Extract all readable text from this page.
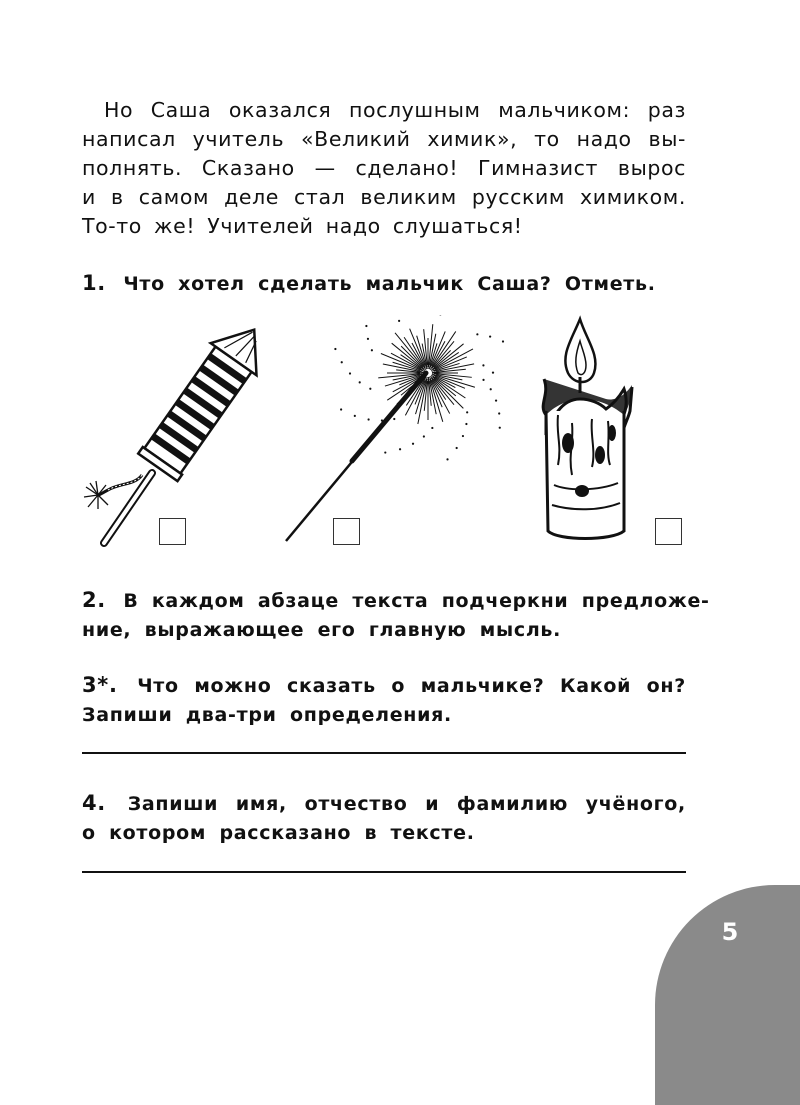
Но Саша оказался послушным мальчиком: раз
написал учитель «Великий химик», то надо вы-
полнять. Сказано — сделано! Гимназист вырос
и в самом деле стал великим русским химиком.
То-то же! Учителей надо слушаться!
1. Что хотел сделать мальчик Саша? Отметь.
2. В каждом абзаце текста подчеркни предложе-
ние, выражающее его главную мысль.
3*. Что можно сказать о мальчике? Какой он?
Запиши два-три определения.
4. Запиши имя, отчество и фамилию учёного,
о котором рассказано в тексте.
5
